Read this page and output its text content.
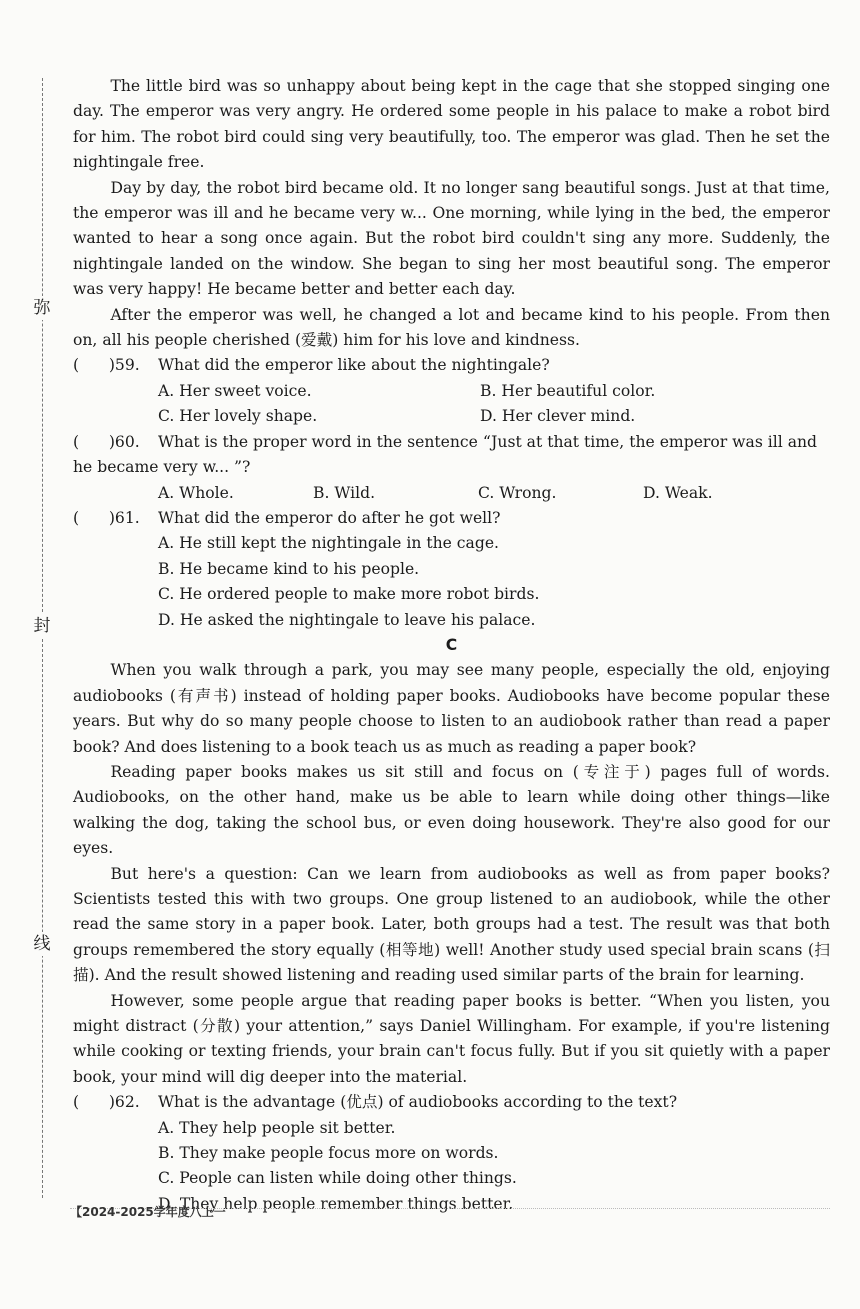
弥
封
线

The little bird was so unhappy about being kept in the cage that she stopped singing one day. The emperor was very angry. He ordered some people in his palace to make a robot bird for him. The robot bird could sing very beautifully, too. The emperor was glad. Then he set the nightingale free.

Day by day, the robot bird became old. It no longer sang beautiful songs. Just at that time, the emperor was ill and he became very w... One morning, while lying in the bed, the emperor wanted to hear a song once again. But the robot bird couldn't sing any more. Suddenly, the nightingale landed on the window. She began to sing her most beautiful song. The emperor was very happy! He became better and better each day.

After the emperor was well, he changed a lot and became kind to his people. From then on, all his people cherished (爱戴) him for his love and kindness.

(      )59.	What did the emperor like about the nightingale?
A. Her sweet voice.	B. Her beautiful color.
C. Her lovely shape.	D. Her clever mind.
(      )60.	What is the proper word in the sentence “Just at that time, the emperor was ill and
he became very w... ”?
A. Whole.	B. Wild.	C. Wrong.	D. Weak.
(      )61.	What did the emperor do after he got well?
A. He still kept the nightingale in the cage.
B. He became kind to his people.
C. He ordered people to make more robot birds.
D. He asked the nightingale to leave his palace.
C

When you walk through a park, you may see many people, especially the old, enjoying audiobooks (有声书) instead of holding paper books. Audiobooks have become popular these years. But why do so many people choose to listen to an audiobook rather than read a paper book? And does listening to a book teach us as much as reading a paper book?

Reading paper books makes us sit still and focus on (专注于) pages full of words. Audiobooks, on the other hand, make us be able to learn while doing other things—like walking the dog, taking the school bus, or even doing housework. They're also good for our eyes.

But here's a question: Can we learn from audiobooks as well as from paper books? Scientists tested this with two groups. One group listened to an audiobook, while the other read the same story in a paper book. Later, both groups had a test. The result was that both groups remembered the story equally (相等地) well! Another study used special brain scans (扫描). And the result showed listening and reading used similar parts of the brain for learning.

However, some people argue that reading paper books is better. “When you listen, you might distract (分散) your attention,” says Daniel Willingham. For example, if you're listening while cooking or texting friends, your brain can't focus fully. But if you sit quietly with a paper book, your mind will dig deeper into the material.

(      )62.	What is the advantage (优点) of audiobooks according to the text?
A. They help people sit better.
B. They make people focus more on words.
C. People can listen while doing other things.
D. They help people remember things better.
【2024-2025学年度八上一
